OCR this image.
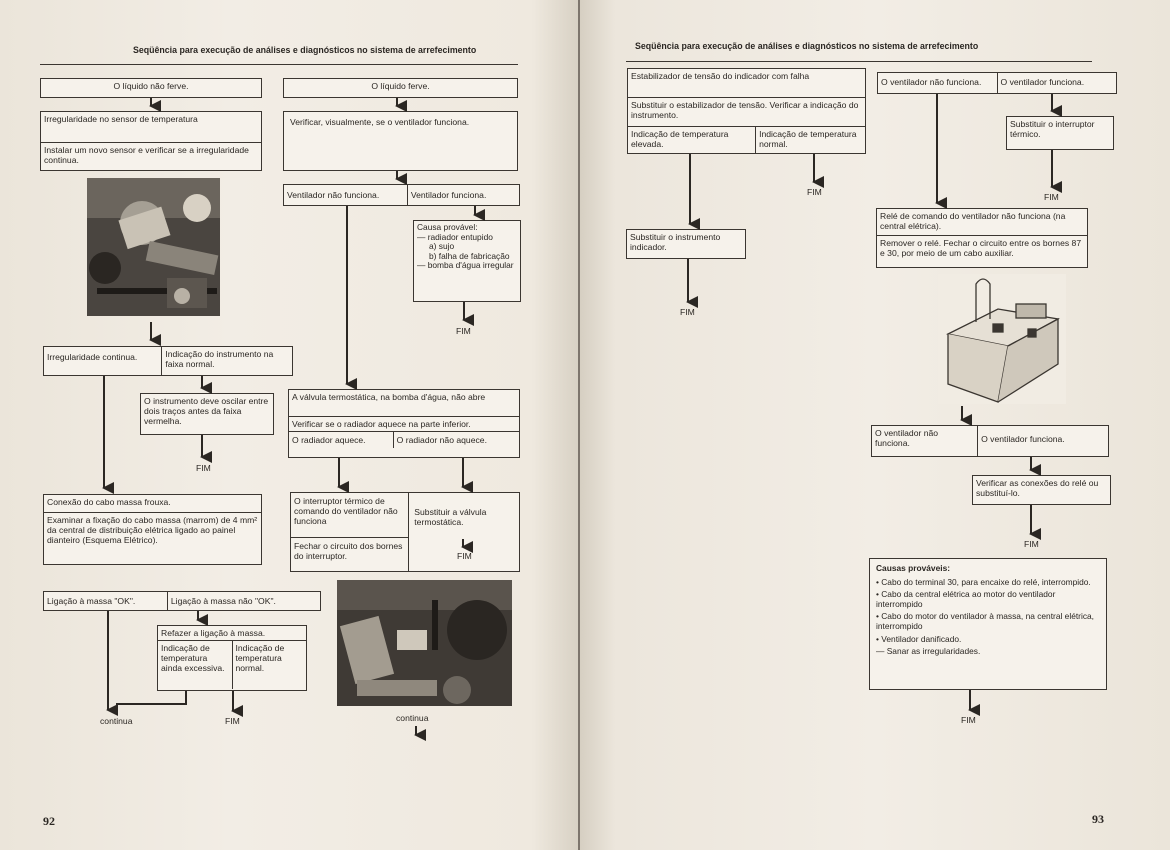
Seqüência para execução de análises e diagnósticos no sistema de arrefecimento
O líquido não ferve.	O líquido ferve.
Irregularidade no sensor de temperatura
Instalar um novo sensor e verificar se a irregularidade continua.
Verificar, visualmente, se o ventilador funciona.
Ventilador não funciona.	Ventilador funciona.
Causa provável:
— radiador entupido
a) sujo
b) falha de fabricação
— bomba d'água irregular
FIM
Irregularidade continua.	Indicação do instrumento na faixa normal.
O instrumento deve oscilar entre dois traços antes da faixa vermelha.
FIM
A válvula termostática, na bomba d'água, não abre
Verificar se o radiador aquece na parte inferior.
O radiador aquece.	O radiador não aquece.
Conexão do cabo massa frouxa.
Examinar a fixação do cabo massa (marrom) de 4 mm² da central de distribuição elétrica ligado ao painel dianteiro (Esquema Elétrico).
O interruptor térmico de comando do ventilador não funciona
Fechar o circuito dos bornes do interruptor.
Substituir a válvula termostática.
FIM
Ligação à massa "OK".	Ligação à massa não "OK".
Refazer a ligação à massa.
Indicação de temperatura ainda excessiva.
Indicação de temperatura normal.
continua	FIM	continua
92
Seqüência para execução de análises e diagnósticos no sistema de arrefecimento
Estabilizador de tensão do indicador com falha
Substituir o estabilizador de tensão. Verificar a indicação do instrumento.
Indicação de temperatura elevada.
Indicação de temperatura normal.
FIM
Substituir o instrumento indicador.
FIM
O ventilador não funciona.	O ventilador funciona.
Substituir o interruptor térmico.
FIM
Relé de comando do ventilador não funciona (na central elétrica).
Remover o relé. Fechar o circuito entre os bornes 87 e 30, por meio de um cabo auxiliar.
O ventilador não funciona.	O ventilador funciona.
Verificar as conexões do relé ou substituí-lo.
FIM
Causas prováveis:
• Cabo do terminal 30, para encaixe do relé, interrompido.
• Cabo da central elétrica ao motor do ventilador interrompido
• Cabo do motor do ventilador à massa, na central elétrica, interrompido
• Ventilador danificado.
— Sanar as irregularidades.
FIM
93
